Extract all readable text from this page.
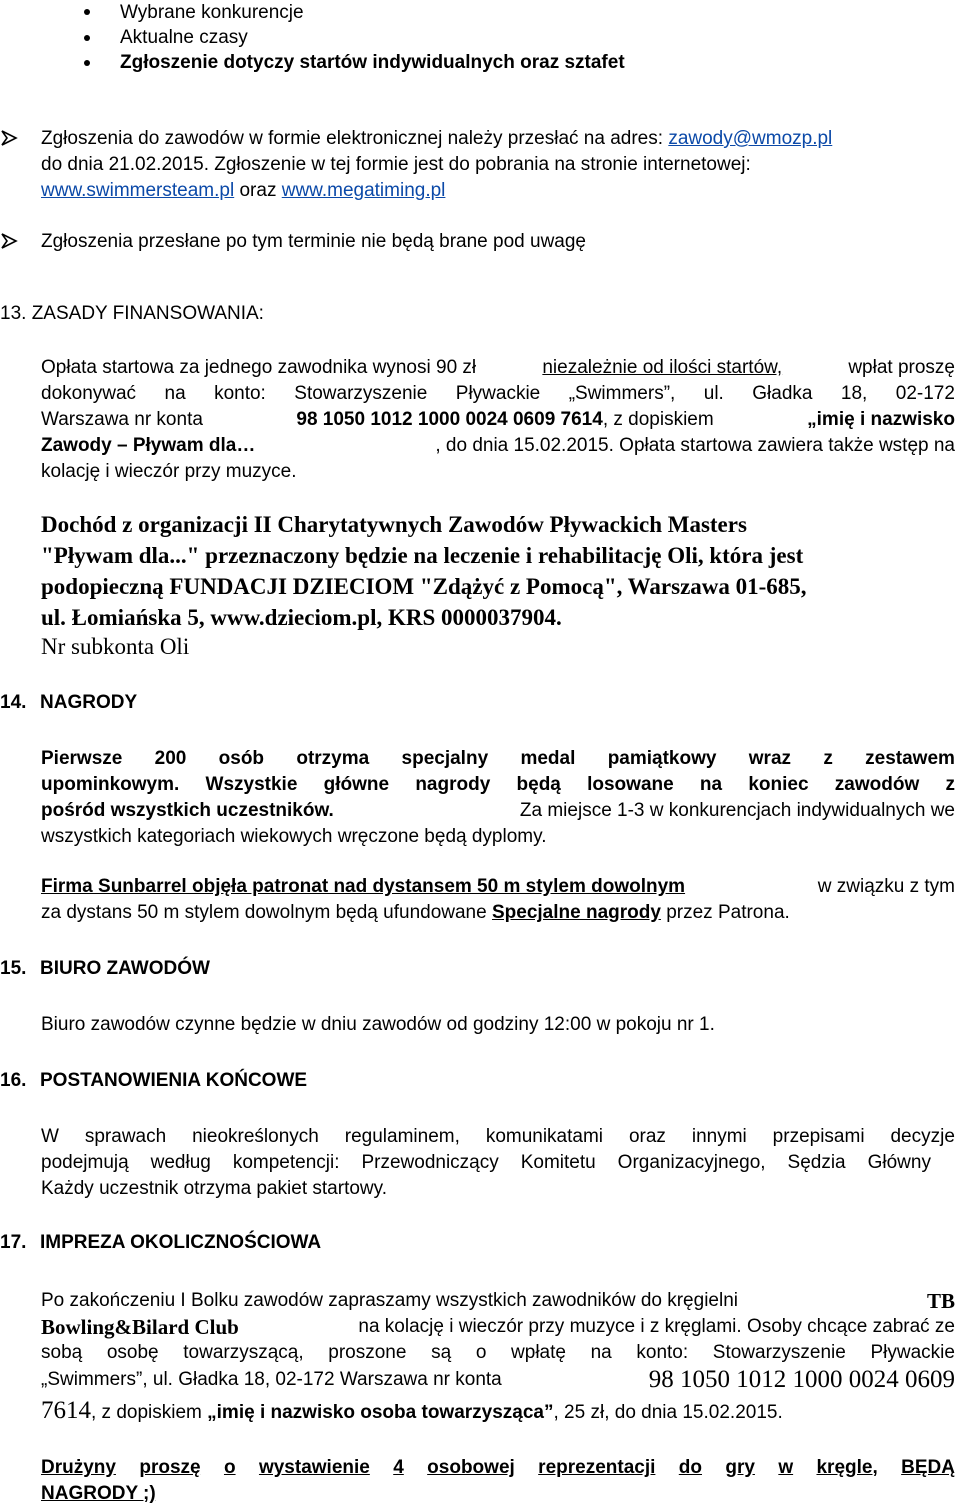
Wybrane konkurencje
Aktualne czasy
Zgłoszenie dotyczy startów indywidualnych oraz sztafet
Zgłoszenia do zawodów w formie elektronicznej należy przesłać na adres: zawody@wmozp.pl
do dnia 21.02.2015. Zgłoszenie w tej formie jest do pobrania na stronie internetowej:
www.swimmersteam.pl oraz www.megatiming.pl
Zgłoszenia przesłane po tym terminie nie będą brane pod uwagę
13. ZASADY FINANSOWANIA:
Opłata startowa za jednego zawodnika wynosi 90 zł	niezależnie od ilości startów,	wpłat proszę
dokonywać na konto: Stowarzyszenie Pływackie „Swimmers”, ul. Gładka 18, 02-172
Warszawa nr konta	98 1050 1012 1000 0024 0609 7614, z dopiskiem	„imię i nazwisko
Zawody – Pływam dla…	, do dnia 15.02.2015. Opłata startowa zawiera także wstęp na
kolację i wieczór przy muzyce.
Dochód z organizacji II Charytatywnych Zawodów Pływackich Masters
"Pływam dla..." przeznaczony będzie na leczenie i rehabilitację Oli, która jest
podopieczną FUNDACJI DZIECIOM "Zdążyć z Pomocą", Warszawa 01-685,
ul. Łomiańska 5, www.dzieciom.pl, KRS 0000037904.
Nr subkonta Oli
14. NAGRODY
Pierwsze 200 osób otrzyma specjalny medal pamiątkowy wraz z zestawem
upominkowym. Wszystkie główne nagrody będą losowane na koniec zawodów z
pośród wszystkich uczestników.	Za miejsce 1-3 w konkurencjach indywidualnych we
wszystkich kategoriach wiekowych wręczone będą dyplomy.
Firma Sunbarrel objęła patronat nad dystansem 50 m stylem dowolnym	w związku z tym
za dystans 50 m stylem dowolnym będą ufundowane Specjalne nagrody przez Patrona.
15. BIURO ZAWODÓW
Biuro zawodów czynne będzie w dniu zawodów od godziny 12:00 w pokoju nr 1.
16. POSTANOWIENIA KOŃCOWE
W sprawach nieokreślonych regulaminem, komunikatami oraz innymi przepisami decyzje
podejmują według kompetencji: Przewodniczący Komitetu Organizacyjnego, Sędzia Główny
Każdy uczestnik otrzyma pakiet startowy.
17. IMPREZA OKOLICZNOŚCIOWA
Po zakończeniu I Bolku zawodów zapraszamy wszystkich zawodników do kręgielni	TB
Bowling&Bilard Club	na kolację i wieczór przy muzyce i z kręglami. Osoby chcące zabrać ze
sobą osobę towarzyszącą, proszone są o wpłatę na konto: Stowarzyszenie Pływackie
„Swimmers”, ul. Gładka 18, 02-172 Warszawa nr konta	98 1050 1012 1000 0024 0609
7614, z dopiskiem „imię i nazwisko osoba towarzysząca”, 25 zł, do dnia 15.02.2015.
Drużyny proszę o wystawienie 4 osobowej reprezentacji do gry w kręgle, BĘDĄ
NAGRODY ;)
